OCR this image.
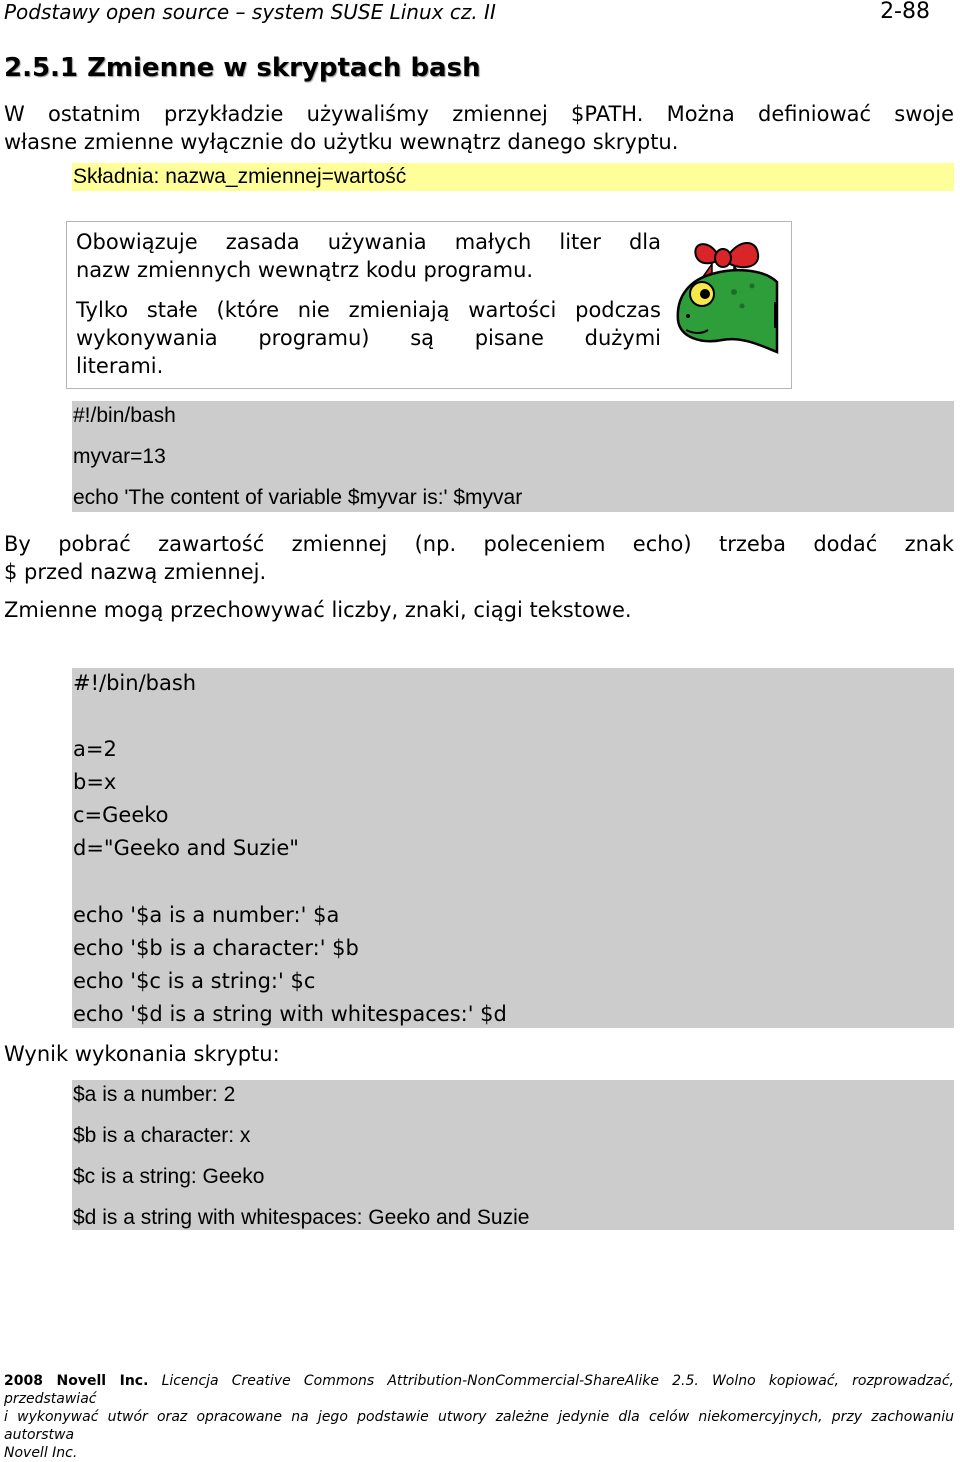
Podstawy open source – system SUSE Linux cz. II	2-88
2.5.1 Zmienne w skryptach bash
W ostatnim przykładzie używaliśmy zmiennej $PATH. Można definiować swoje
własne zmienne wyłącznie do użytku wewnątrz danego skryptu.
Składnia: nazwa_zmiennej=wartość
Obowiązuje zasada używania małych liter dla
nazw zmiennych wewnątrz kodu programu.
Tylko stałe (które nie zmieniają wartości podczas
wykonywania programu) są pisane dużymi
literami.
#!/bin/bash
myvar=13
echo 'The content of variable $myvar is:' $myvar
By pobrać zawartość zmiennej (np. poleceniem echo) trzeba dodać znak
$ przed nazwą zmiennej.
Zmienne mogą przechowywać liczby, znaki, ciągi tekstowe.
#!/bin/bash
a=2
b=x
c=Geeko
d="Geeko and Suzie"
echo '$a is a number:' $a
echo '$b is a character:' $b
echo '$c is a string:' $c
echo '$d is a string with whitespaces:' $d
Wynik wykonania skryptu:
$a is a number: 2
$b is a character: x
$c is a string: Geeko
$d is a string with whitespaces: Geeko and Suzie
2008 Novell Inc. Licencja Creative Commons Attribution-NonCommercial-ShareAlike 2.5. Wolno kopiować, rozprowadzać, przedstawiać
i wykonywać utwór oraz opracowane na jego podstawie utwory zależne jedynie dla celów niekomercyjnych, przy zachowaniu autorstwa
Novell Inc.
